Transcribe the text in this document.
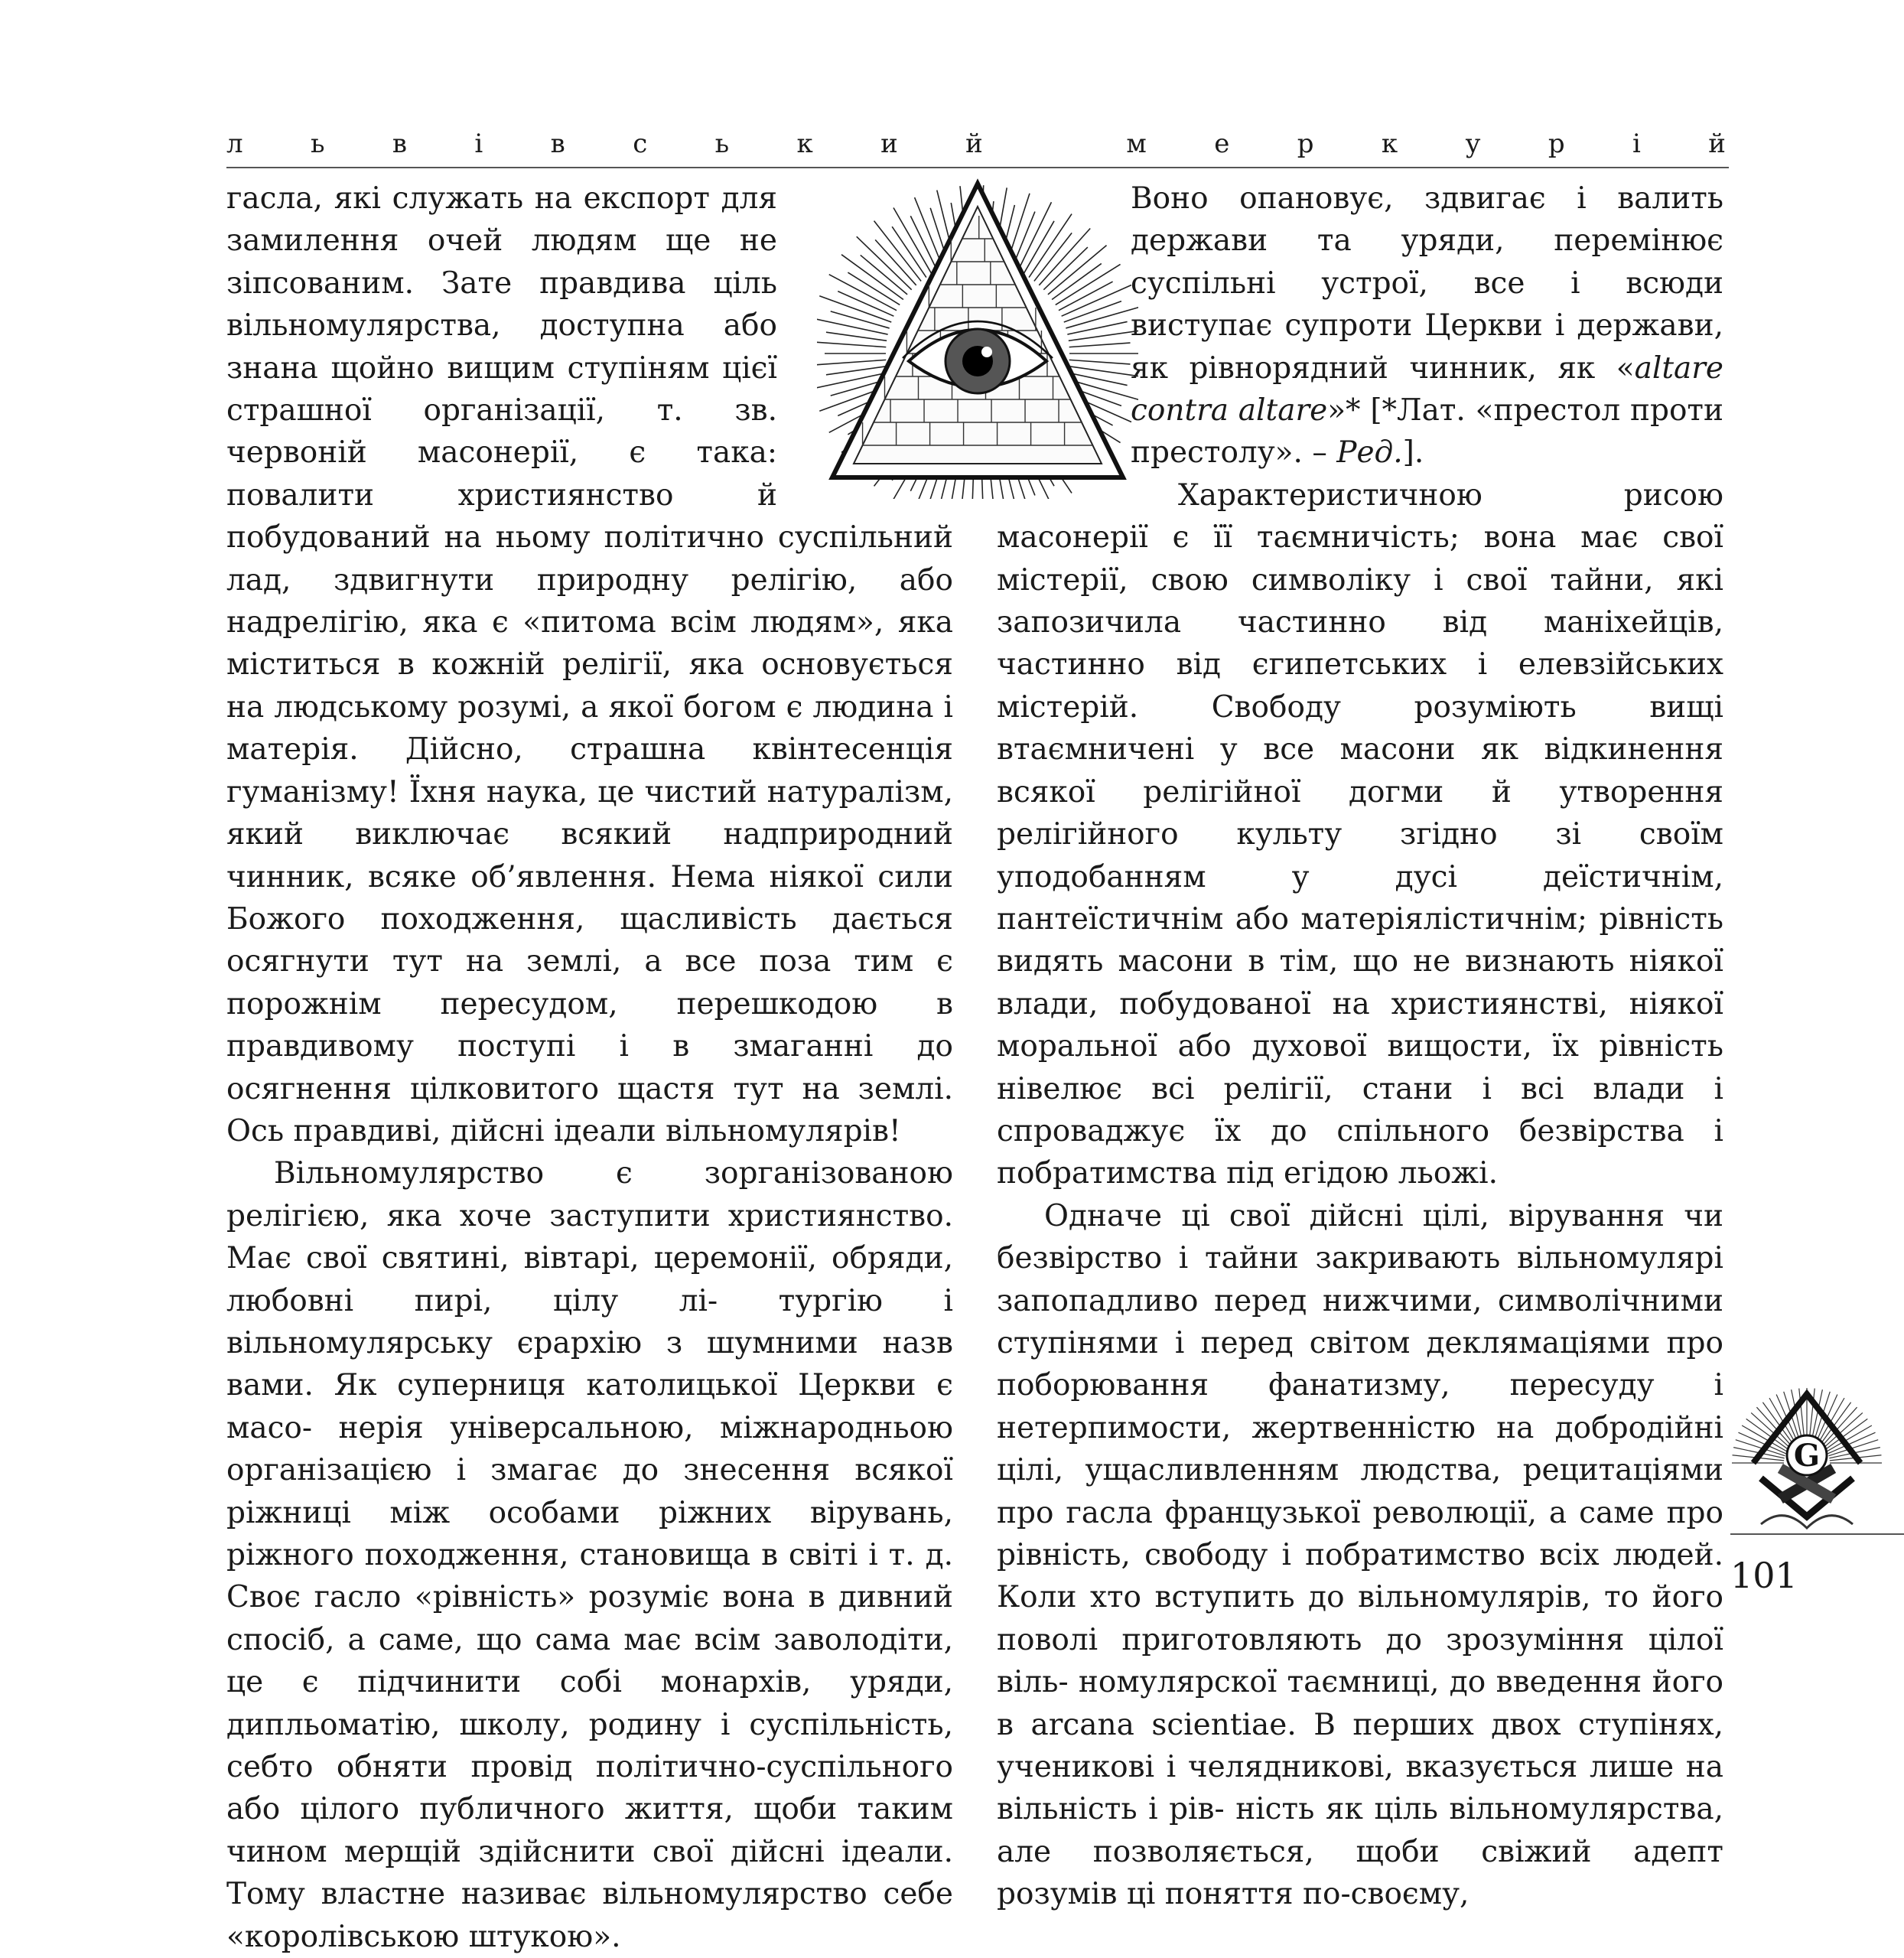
л	ь	в	і	в	с	ь	к	и	й
	м	е	р	к	у	р	і	й

гасла, які служать на експорт для замилення очей людям ще не зіпсованим. Зате правдива ціль вільномулярства, доступна або знана щойно вищим ступіням цієї страшної організації, т. зв. червоній масонерії, є така: повалити християнство й побудований на ньому політично суспільний лад, здвигнути природну релігію, або надрелігію, яка є «питома всім людям», яка міститься в кожній релігії, яка основується на людському розумі, а якої богом є людина і матерія. Дійсно, страшна квінтесенція гуманізму! Їхня наука, це чистий натуралізм, який виключає всякий надприродний чинник, всяке об’явлення. Нема ніякої сили Божого походження, щасливість дається осягнути тут на землі, а все поза тим є порожнім пересудом, перешкодою в правдивому поступі і в змаганні до осягнення цілковитого щастя тут на землі. Ось правдиві, дійсні ідеали вільномулярів!

Вільномулярство є зорганізованою релігією, яка хоче заступити християнство. Має свої святині, вівтарі, церемонії, обряди, любовні пирі, цілу лі- тургію і вільномулярську єрархію з шумними назв вами. Як суперниця католицької Церкви є масо- нерія універсальною, міжнародньою організацією і змагає до знесення всякої ріжниці між особами ріжних вірувань, ріжного походження, становища в світі і т. д. Своє гасло «рівність» розуміє вона в дивний спосіб, а саме, що сама має всім заволодіти, це є підчинити собі монархів, уряди, дипльоматію, школу, родину і суспільність, себто обняти провід політично-суспільного або цілого публичного життя, щоби таким чином мерщій здійснити свої дійсні ідеали. Тому властне називає вільномулярство себе «королівською штукою».

Воно опановує, здвигає і валить держави та уряди, перемінює суспільні устрої, все і всюди виступає супроти Церкви і держави, як рівнорядний чинник, як «altare contra altare»* [*Лат. «престол проти престолу». – Ред.].

Характеристичною рисою масонерії є її таємничість; вона має свої містерії, свою символіку і свої тайни, які запозичила частинно від маніхейців, частинно від єгипетських і елевзійських містерій. Свободу розуміють вищі втаємничені у все масони як відкинення всякої релігійної догми й утворення релігійного культу згідно зі своїм уподобанням у дусі деїстичнім, пантеїстичнім або матеріялістичнім; рівність видять масони в тім, що не визнають ніякої влади, побудованої на християнстві, ніякої моральної або духової вищости, їх рівність нівелює всі релігії, стани і всі влади і спроваджує їх до спільного безвірства і побратимства під егідою льожі.

Одначе ці свої дійсні цілі, вірування чи безвірство і тайни закривають вільномулярі запопадливо перед нижчими, символічними ступінями і перед світом деклямаціями про поборювання фанатизму, пересуду і нетерпимости, жертвенністю на добродійні цілі, ущасливленням людства, рецитаціями про гасла французької революції, а саме про рівність, свободу і побратимство всіх людей. Коли хто вступить до вільномулярів, то його поволі приготовляють до зрозуміння цілої віль- номулярскої таємниці, до введення його в arcana scientiae. В перших двох ступінях, ученикові і челядникові, вказується лише на вільність і рів- ність як ціль вільномулярства, але позволяється, щоби свіжий адепт розумів ці поняття по-своєму,

G
101
